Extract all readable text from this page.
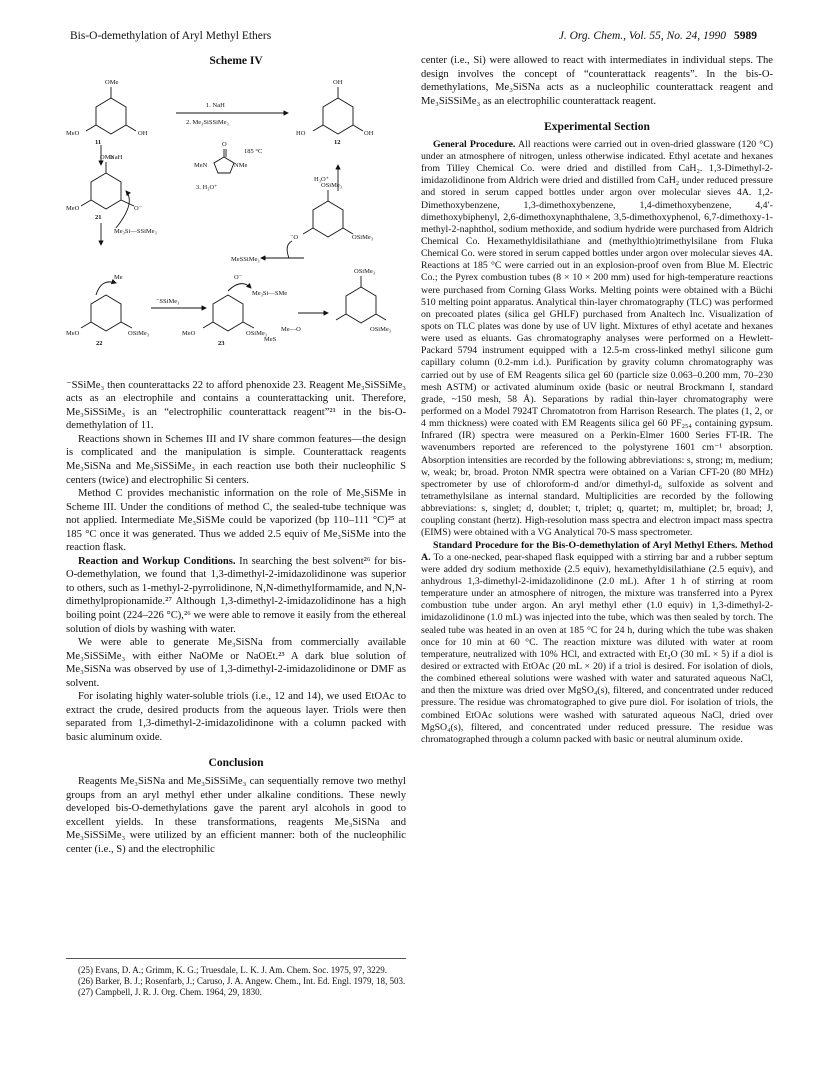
Bis-O-demethylation of Aryl Methyl Ethers	J. Org. Chem., Vol. 55, No. 24, 1990 5989
Scheme IV
OMe	OH
MeO	OH
11
1. NaH
2. Me₃SiSSiMe₃
185 °C
O
MeN	NMe
3. H₃O⁺
HO	OH
12
NaH
H₃O⁺
OMe
MeO	O⁻
21
OSiMe₃
⁻O	OSiMe₃
Me₃Si—SSiMe₃
MeSSiMe₃
Me
⁻SSiMe₃
MeO	OSiMe₃
22
O⁻
Me₃Si—SMe
MeO	OSiMe₃
MeS
Me—O
23
OSiMe₃
OSiMe₃

⁻SSiMe₃ then counterattacks 22 to afford phenoxide 23. Reagent Me₃SiSSiMe₃ acts as an electrophile and contains a counterattacking unit. Therefore, Me₃SiSSiMe₃ is an “electrophilic counterattack reagent”²¹ in the bis-O-demethylation of 11.

Reactions shown in Schemes III and IV share common features—the design is complicated and the manipulation is simple. Counterattack reagents Me₃SiSNa and Me₃SiSSiMe₃ in each reaction use both their nucleophilic S centers (twice) and electrophilic Si centers.

Method C provides mechanistic information on the role of Me₃SiSMe in Scheme III. Under the conditions of method C, the sealed-tube technique was not applied. Intermediate Me₃SiSMe could be vaporized (bp 110–111 °C)²⁵ at 185 °C once it was generated. Thus we added 2.5 equiv of Me₃SiSMe into the reaction flask.

Reaction and Workup Conditions. In searching the best solvent²⁶ for bis-O-demethylation, we found that 1,3-dimethyl-2-imidazolidinone was superior to others, such as 1-methyl-2-pyrrolidinone, N,N-dimethylformamide, and N,N-dimethylpropionamide.²⁷ Although 1,3-dimethyl-2-imidazolidinone has a high boiling point (224–226 °C),²⁶ we were able to remove it easily from the ethereal solution of diols by washing with water.

We were able to generate Me₃SiSNa from commercially available Me₃SiSSiMe₃ with either NaOMe or NaOEt.²³ A dark blue solution of Me₃SiSNa was observed by use of 1,3-dimethyl-2-imidazolidinone or DMF as solvent.

For isolating highly water-soluble triols (i.e., 12 and 14), we used EtOAc to extract the crude, desired products from the aqueous layer. Triols were then separated from 1,3-dimethyl-2-imidazolidinone with a column packed with basic aluminum oxide.

Conclusion

Reagents Me₃SiSNa and Me₃SiSSiMe₃ can sequentially remove two methyl groups from an aryl methyl ether under alkaline conditions. These newly developed bis-O-demethylations gave the parent aryl alcohols in good to excellent yields. In these transformations, reagents Me₃SiSNa and Me₃SiSSiMe₃ were utilized by an efficient manner: both of the nucleophilic center (i.e., S) and the electrophilic

(25) Evans, D. A.; Grimm, K. G.; Truesdale, L. K. J. Am. Chem. Soc. 1975, 97, 3229.
(26) Barker, B. J.; Rosenfarb, J.; Caruso, J. A. Angew. Chem., Int. Ed. Engl. 1979, 18, 503.
(27) Campbell, J. R. J. Org. Chem. 1964, 29, 1830.

center (i.e., Si) were allowed to react with intermediates in individual steps. The design involves the concept of “counterattack reagents”. In the bis-O-demethylations, Me₃SiSNa acts as a nucleophilic counterattack reagent and Me₃SiSSiMe₃ as an electrophilic counterattack reagent.

Experimental Section

General Procedure. All reactions were carried out in oven-dried glassware (120 °C) under an atmosphere of nitrogen, unless otherwise indicated. Ethyl acetate and hexanes from Tilley Chemical Co. were dried and distilled from CaH₂. 1,3-Dimethyl-2-imidazolidinone from Aldrich were dried and distilled from CaH₂ under reduced pressure and stored in serum capped bottles under argon over molecular sieves 4A. 1,2-Dimethoxybenzene, 1,3-dimethoxybenzene, 1,4-dimethoxybenzene, 4,4′-dimethoxybiphenyl, 2,6-dimethoxynaphthalene, 3,5-dimethoxyphenol, 6,7-dimethoxy-1-methyl-2-naphthol, sodium methoxide, and sodium hydride were purchased from Aldrich Chemical Co. Hexamethyldisilathiane and (methylthio)trimethylsilane from Fluka Chemical Co. were stored in serum capped bottles under argon over molecular sieves 4A. Reactions at 185 °C were carried out in an explosion-proof oven from Blue M. Electric Co.; the Pyrex combustion tubes (8 × 10 × 200 mm) used for high-temperature reactions were purchased from Corning Glass Works. Melting points were obtained with a Büchi 510 melting point apparatus. Analytical thin-layer chromatography (TLC) was performed on precoated plates (silica gel GHLF) purchased from Analtech Inc. Visualization of spots on TLC plates was done by use of UV light. Mixtures of ethyl acetate and hexanes were used as eluants. Gas chromatography analyses were performed on a Hewlett-Packard 5794 instrument equipped with a 12.5-m cross-linked methyl silicone gum capillary column (0.2-mm i.d.). Purification by gravity column chromatography was carried out by use of EM Reagents silica gel 60 (particle size 0.063–0.200 mm, 70–230 mesh ASTM) or activated aluminum oxide (basic or neutral Brockmann I, standard grade, ~150 mesh, 58 Å). Separations by radial thin-layer chromatography were performed on a Model 7924T Chromatotron from Harrison Research. The plates (1, 2, or 4 mm thickness) were coated with EM Reagents silica gel 60 PF₂₅₄ containing gypsum. Infrared (IR) spectra were measured on a Perkin-Elmer 1600 Series FT-IR. The wavenumbers reported are referenced to the polystyrene 1601 cm⁻¹ absorption. Absorption intensities are recorded by the following abbreviations: s, strong; m, medium; w, weak; br, broad. Proton NMR spectra were obtained on a Varian CFT-20 (80 MHz) spectrometer by use of chloroform-d and/or dimethyl-d₆ sulfoxide as solvent and tetramethylsilane as internal standard. Multiplicities are recorded by the following abbreviations: s, singlet; d, doublet; t, triplet; q, quartet; m, multiplet; br, broad; J, coupling constant (hertz). High-resolution mass spectra and electron impact mass spectra (EIMS) were obtained with a VG Analytical 70-S mass spectrometer.

Standard Procedure for the Bis-O-demethylation of Aryl Methyl Ethers. Method A. To a one-necked, pear-shaped flask equipped with a stirring bar and a rubber septum were added dry sodium methoxide (2.5 equiv), hexamethyldisilathiane (2.5 equiv), and anhydrous 1,3-dimethyl-2-imidazolidinone (2.0 mL). After 1 h of stirring at room temperature under an atmosphere of nitrogen, the mixture was transferred into a Pyrex combustion tube under argon. An aryl methyl ether (1.0 equiv) in 1,3-dimethyl-2-imidazolidinone (1.0 mL) was injected into the tube, which was then sealed by torch. The sealed tube was heated in an oven at 185 °C for 24 h, during which the tube was shaken once for 10 min at 60 °C. The reaction mixture was diluted with water at room temperature, neutralized with 10% HCl, and extracted with Et₂O (30 mL × 5) if a diol is desired or extracted with EtOAc (20 mL × 20) if a triol is desired. For isolation of diols, the combined ethereal solutions were washed with water and saturated aqueous NaCl, and then the mixture was dried over MgSO₄(s), filtered, and concentrated under reduced pressure. The residue was chromatographed to give pure diol. For isolation of triols, the combined EtOAc solutions were washed with saturated aqueous NaCl, dried over MgSO₄(s), filtered, and concentrated under reduced pressure. The residue was chromatographed through a column packed with basic or neutral aluminum oxide.
